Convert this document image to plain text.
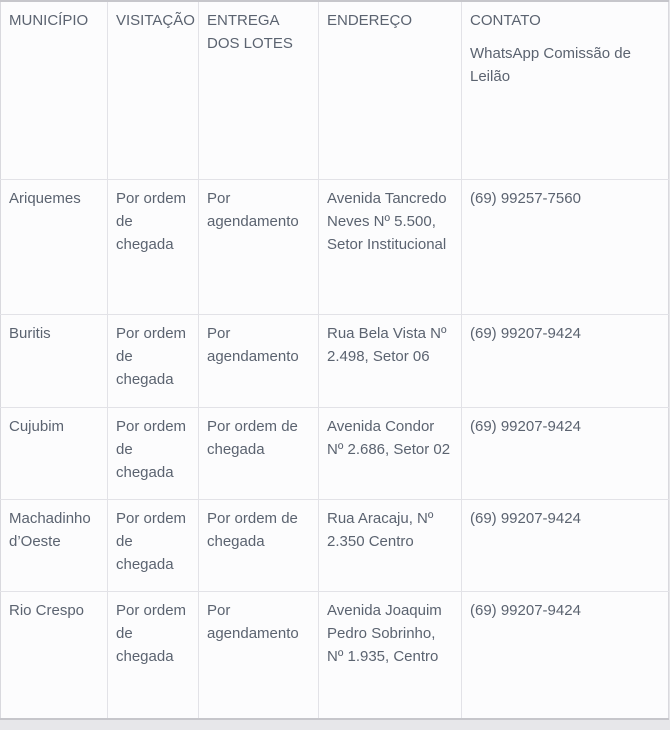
MUNICÍPIO	VISITAÇÃO	ENTREGA DOS LOTES	ENDEREÇO	CONTATO
WhatsApp Comissão de Leilão

Ariquemes	Por ordem de chegada	Por agendamento	Avenida Tancredo Neves Nº 5.500, Setor Institucional	(69) 99257-7560
Buritis	Por ordem de chegada	Por agendamento	Rua Bela Vista Nº 2.498, Setor 06	(69) 99207-9424
Cujubim	Por ordem de chegada	Por ordem de chegada	Avenida Condor Nº 2.686, Setor 02	(69) 99207-9424
Machadinho d’Oeste	Por ordem de chegada	Por ordem de chegada	Rua Aracaju, Nº 2.350 Centro	(69) 99207-9424
Rio Crespo	Por ordem de chegada	Por agendamento	Avenida Joaquim Pedro Sobrinho, Nº 1.935, Centro	(69) 99207-9424
